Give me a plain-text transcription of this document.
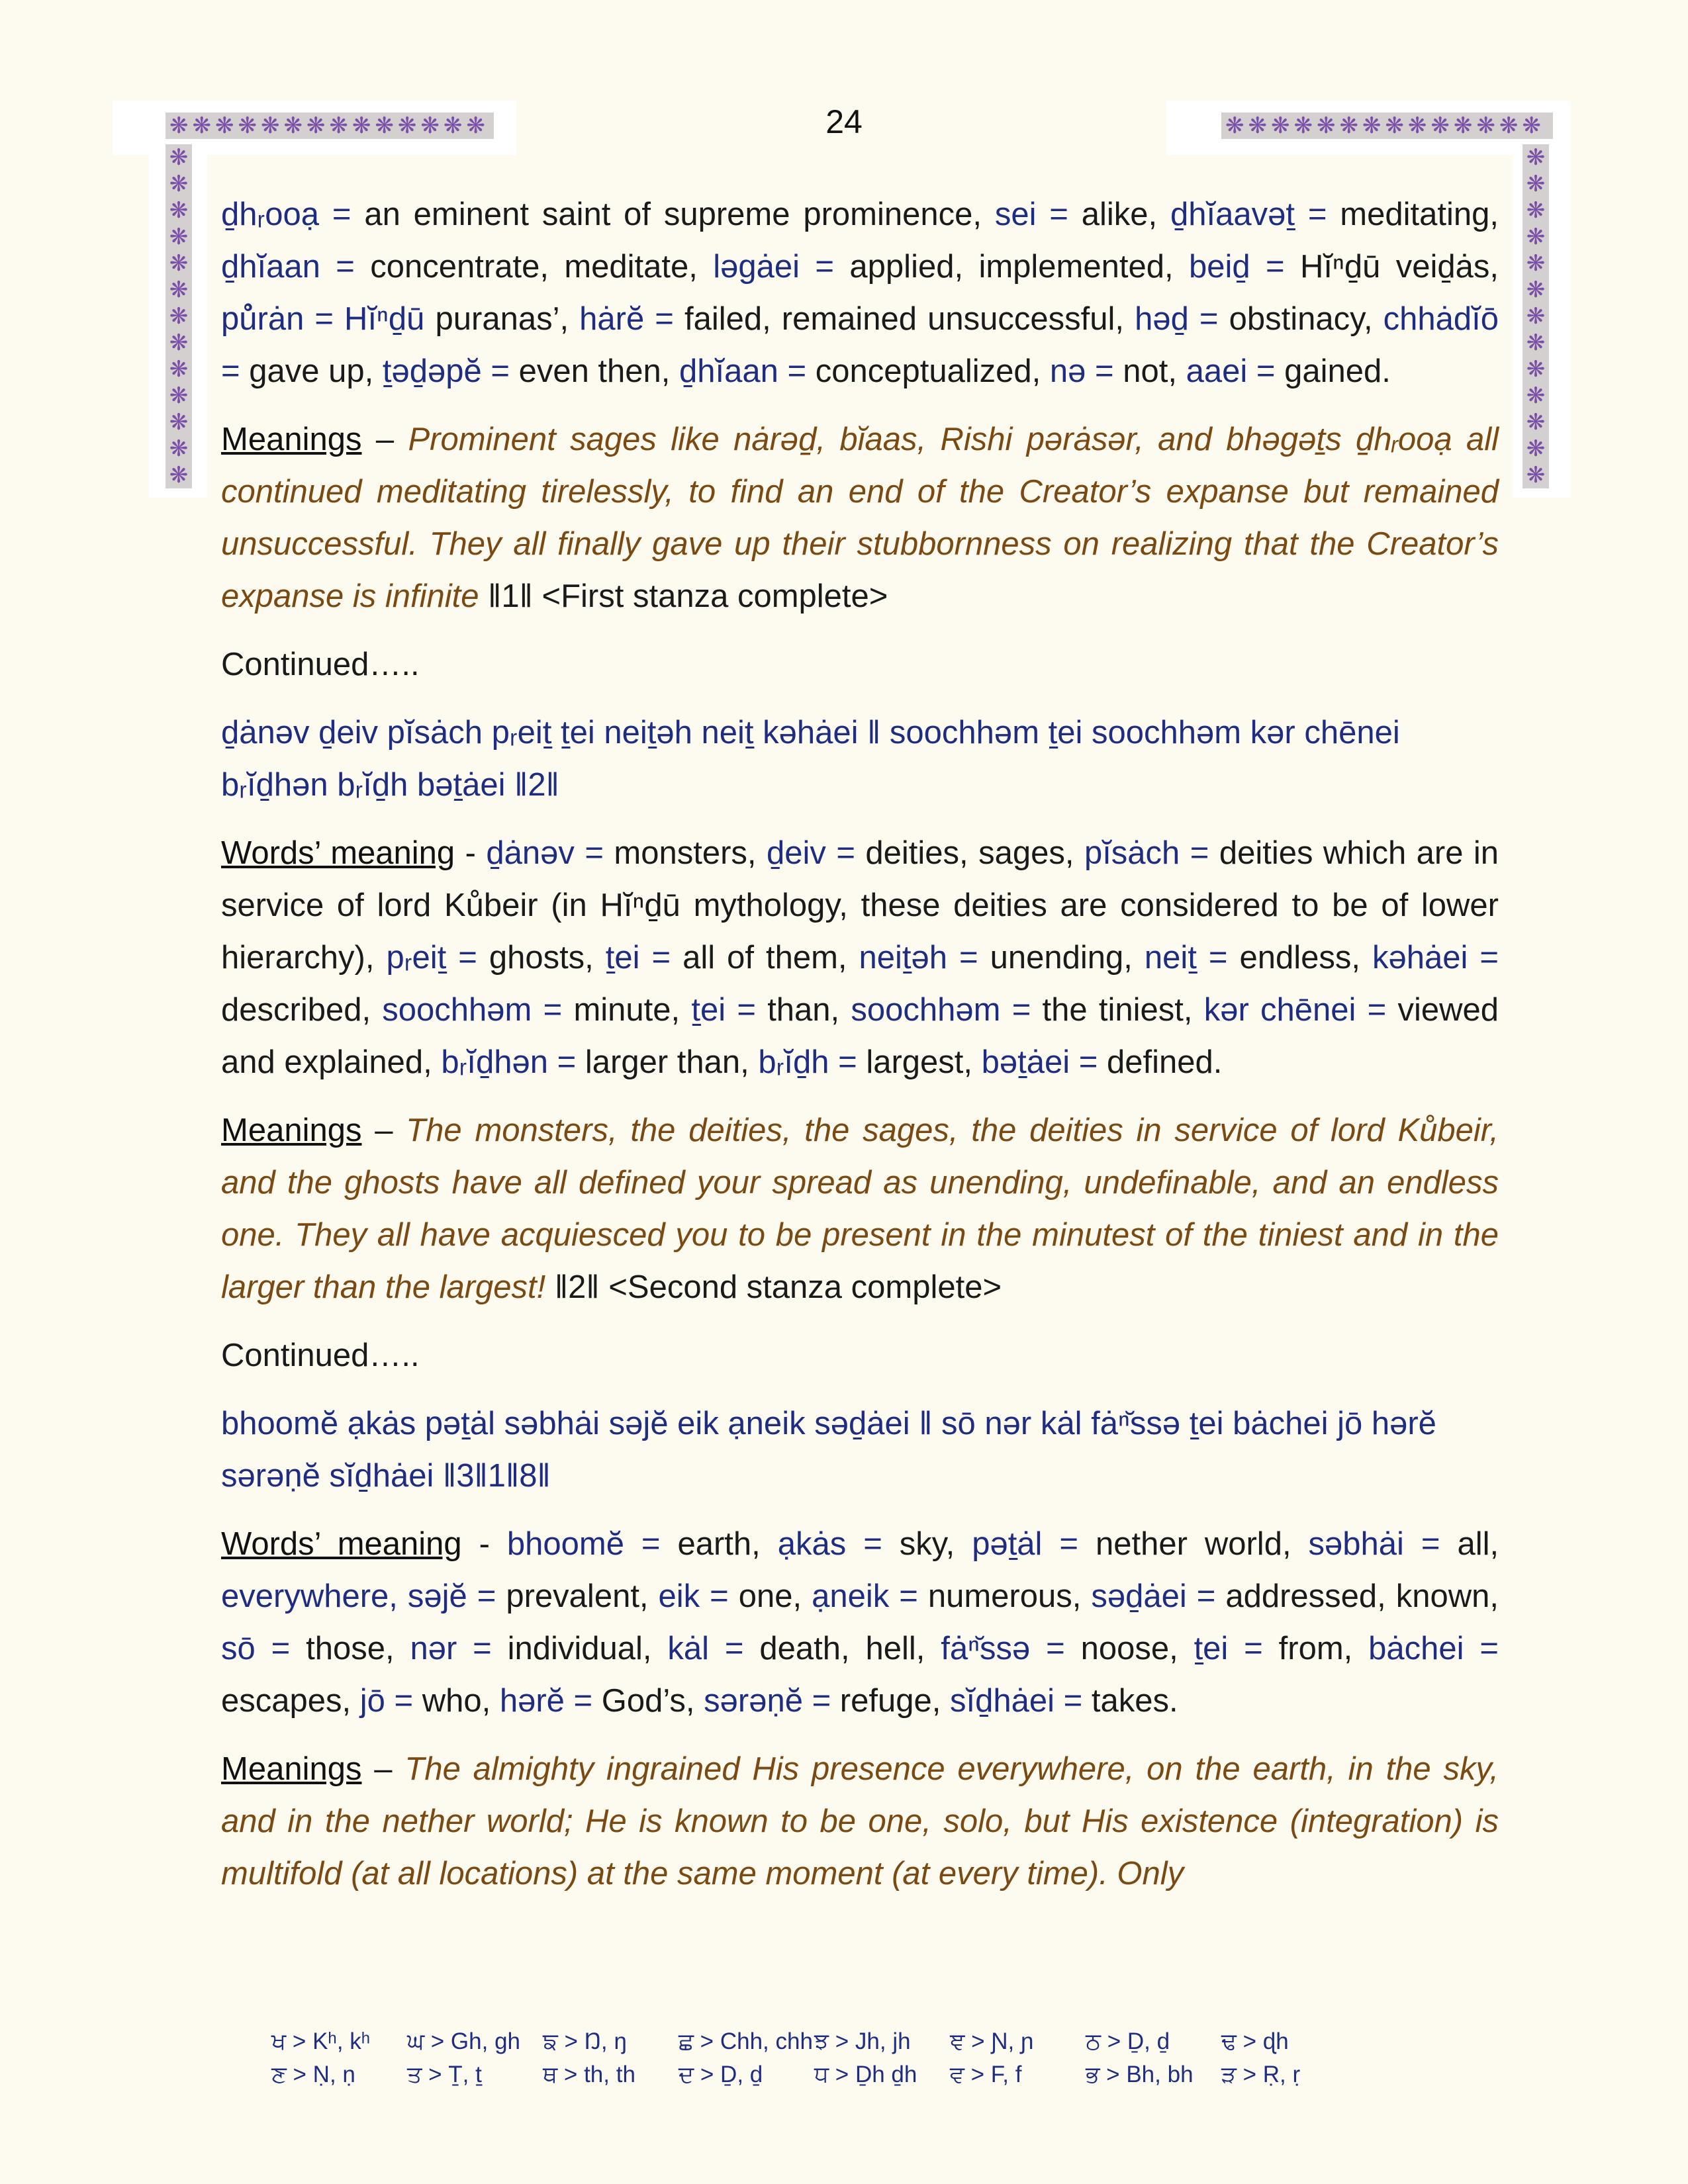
❋❋❋❋❋❋❋❋❋❋❋❋❋❋	❋❋❋❋❋❋❋❋❋❋❋❋❋❋
❋❋❋❋❋❋❋❋❋❋❋❋❋
❋❋❋❋❋❋❋❋❋❋❋❋❋
24

ḏhᵣooạ = an eminent saint of supreme prominence, sei = alike, ḏhĭaavəṯ = meditating, ḏhĭaan = concentrate, meditate, ləgȧei = applied, implemented, beiḏ = Hĭⁿḏū veiḏȧs, pů̊rȧn = Hĭⁿḏū puranas’, hȧrĕ = failed, remained unsuccessful, həḏ = obstinacy, chhȧdĭō = gave up, ṯəḏəpĕ = even then, ḏhĭaan = conceptualized, nə = not, aaei = gained.

Meanings – Prominent sages like nȧrəḏ, bĭaas, Rishi pərȧsər, and bhəgəṯs ḏhᵣooạ all continued meditating tirelessly, to find an end of the Creator’s expanse but remained unsuccessful. They all finally gave up their stubbornness on realizing that the Creator’s expanse is infinite ‖1‖ <First stanza complete>

Continued…..

ḏȧnəv ḏeiv pĭsȧch pᵣeiṯ ṯei neiṯəh neiṯ kəhȧei ‖ soochhəm ṯei soochhəm kər chēnei bᵣĭḏhən bᵣĭḏh bəṯȧei ‖2‖

Words’ meaning - ḏȧnəv = monsters, ḏeiv = deities, sages, pĭsȧch = deities which are in service of lord Kůbeir (in Hĭⁿḏū mythology, these deities are considered to be of lower hierarchy), pᵣeiṯ = ghosts, ṯei = all of them, neiṯəh = unending, neiṯ = endless, kəhȧei = described, soochhəm = minute, ṯei = than, soochhəm = the tiniest, kər chēnei = viewed and explained, bᵣĭḏhən = larger than, bᵣĭḏh = largest, bəṯȧei = defined.

Meanings – The monsters, the deities, the sages, the deities in service of lord Kůbeir, and the ghosts have all defined your spread as unending, undefinable, and an endless one. They all have acquiesced you to be present in the minutest of the tiniest and in the larger than the largest! ‖2‖ <Second stanza complete>

Continued…..

bhoomĕ ạkȧs pəṯȧl səbhȧi səjĕ eik ạneik səḏȧei ‖ sō nər kȧl fȧⁿ̆ssə ṯei bȧchei jō hərĕ sərəṇĕ sĭḏhȧei ‖3‖1‖8‖

Words’ meaning - bhoomĕ = earth, ạkȧs = sky, pəṯȧl = nether world, səbhȧi = all, everywhere, səjĕ = prevalent, eik = one, ạneik = numerous, səḏȧei = addressed, known, sō = those, nər = individual, kȧl = death, hell, fȧⁿ̆ssə = noose, ṯei = from, bȧchei = escapes, jō = who, hərĕ = God’s, sərəṇĕ = refuge, sĭḏhȧei = takes.

Meanings – The almighty ingrained His presence everywhere, on the earth, in the sky, and in the nether world; He is known to be one, solo, but His existence (integration) is multifold (at all locations) at the same moment (at every time). Only

ਖ > Kʰ, kʰ	ਘ > Gh, gh ਙ > Ŋ, ŋ	ਛ > Chh, chh ਝ > Jh, jh	ਞ > Ɲ, ɲ	ਠ > Ḏ, ḏ	ਢ > ɖh
ਣ > Ṇ, ṇ	ਤ > Ṯ, ṯ	ਥ > th, th	ਦ > Ḏ, ḏ	ਧ > Ḏh ḏh	ਵ > F, f	ਭ > Bh, bh	ੜ > Ṛ, ṛ
